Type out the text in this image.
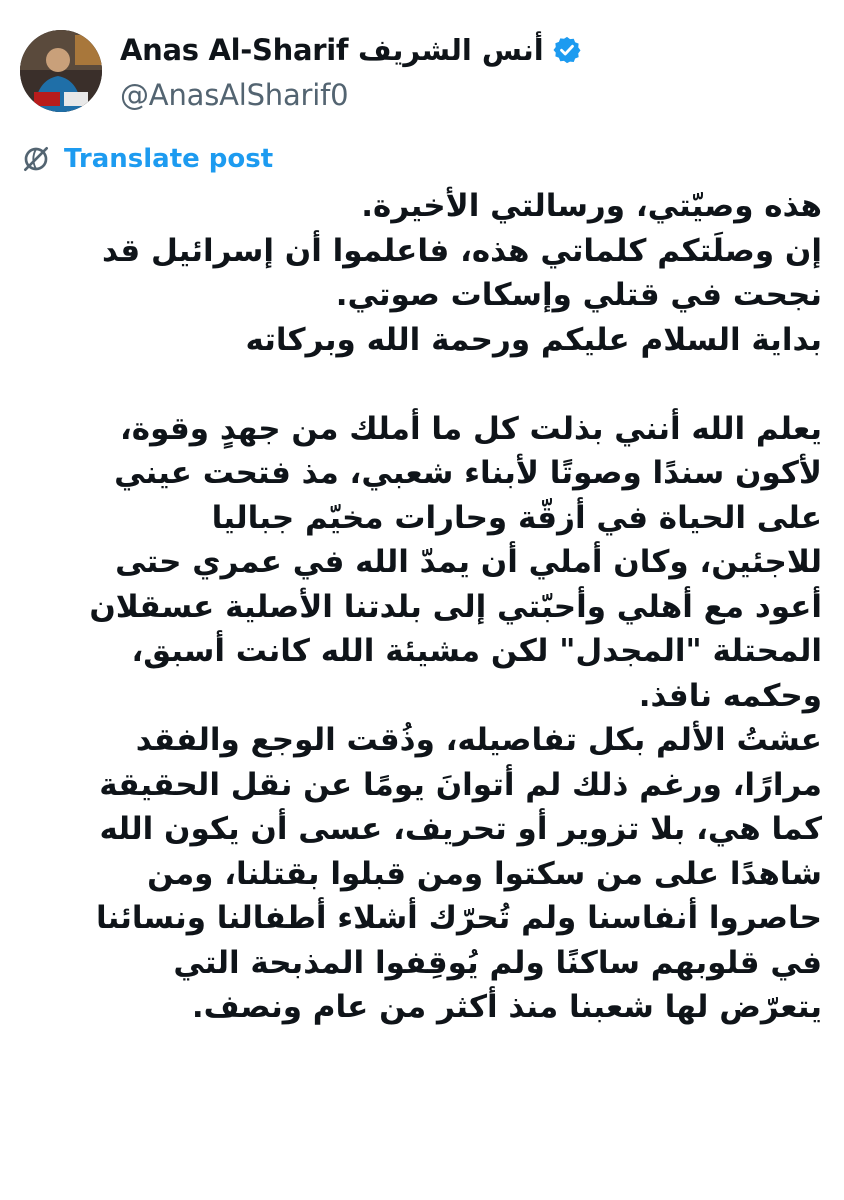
Anas Al-Sharif أنس الشريف
@AnasAlSharif0
Translate post
هذه وصيّتي، ورسالتي الأخيرة.
إن وصلَتكم كلماتي هذه، فاعلموا أن إسرائيل قد
نجحت في قتلي وإسكات صوتي.
بداية السلام عليكم ورحمة الله وبركاته
يعلم الله أنني بذلت كل ما أملك من جهدٍ وقوة،
لأكون سندًا وصوتًا لأبناء شعبي، مذ فتحت عيني
على الحياة في أزقّة وحارات مخيّم جباليا
للاجئين، وكان أملي أن يمدّ الله في عمري حتى
أعود مع أهلي وأحبّتي إلى بلدتنا الأصلية عسقلان
المحتلة "المجدل" لكن مشيئة الله كانت أسبق،
وحكمه نافذ.
عشتُ الألم بكل تفاصيله، وذُقت الوجع والفقد
مرارًا، ورغم ذلك لم أتوانَ يومًا عن نقل الحقيقة
كما هي، بلا تزوير أو تحريف، عسى أن يكون الله
شاهدًا على من سكتوا ومن قبلوا بقتلنا، ومن
حاصروا أنفاسنا ولم تُحرّك أشلاء أطفالنا ونسائنا
في قلوبهم ساكنًا ولم يُوقِفوا المذبحة التي
يتعرّض لها شعبنا منذ أكثر من عام ونصف.
